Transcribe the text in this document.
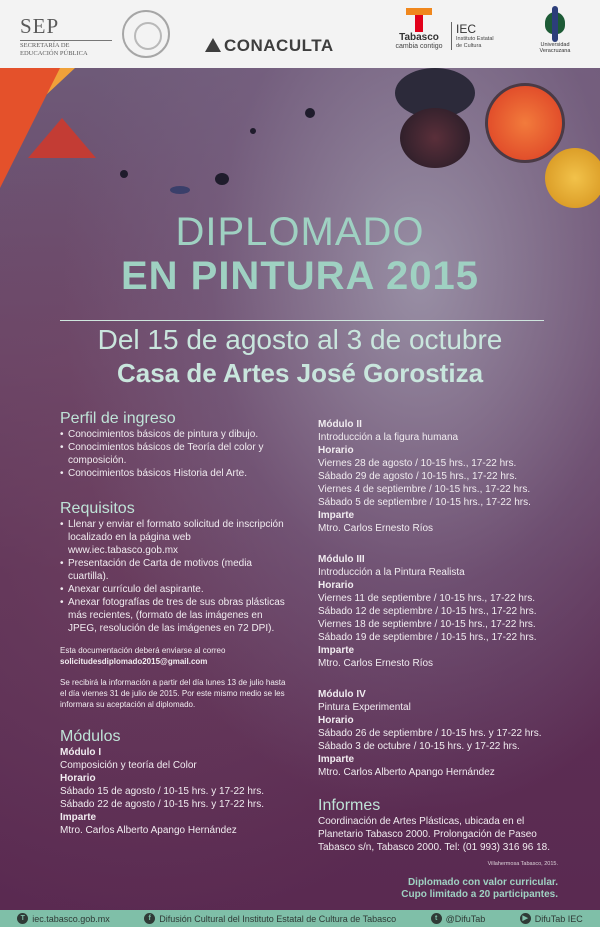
SEP
SECRETARÍA DE
EDUCACIÓN PÚBLICA	CONACULTA	Tabasco
cambia contigo
IEC
Instituto Estatal
de Cultura	Universidad Veracruzana
DIPLOMADO
EN PINTURA 2015
Del 15 de agosto al 3 de octubre
Casa de Artes José Gorostiza
Perfil de ingreso
• Conocimientos básicos de pintura y dibujo.
• Conocimientos básicos de Teoría del color y composición.
• Conocimientos básicos Historia del Arte.
Requisitos
• Llenar y enviar el formato solicitud de inscripción localizado en la página web www.iec.tabasco.gob.mx
• Presentación de Carta de motivos (media cuartilla).
• Anexar currículo del aspirante.
• Anexar fotografías de tres de sus obras plásticas más recientes, (formato de las imágenes en JPEG, resolución de las imágenes en 72 DPI).
Esta documentación deberá enviarse al correo
solicitudesdiplomado2015@gmail.com
Se recibirá la información a partir del día lunes 13 de julio hasta el día viernes 31 de julio de 2015. Por este mismo medio se les informara su aceptación al diplomado.
Módulos
Módulo I
Composición y teoría del Color
Horario
Sábado 15 de agosto / 10-15 hrs. y 17-22 hrs.
Sábado 22 de agosto / 10-15 hrs. y 17-22 hrs.
Imparte
Mtro. Carlos Alberto Apango Hernández
Módulo II
Introducción a la figura humana
Horario
Viernes 28 de agosto / 10-15 hrs., 17-22 hrs.
Sábado 29 de agosto / 10-15 hrs., 17-22 hrs.
Viernes 4 de septiembre / 10-15 hrs., 17-22 hrs.
Sábado 5 de septiembre / 10-15 hrs., 17-22 hrs.
Imparte
Mtro. Carlos Ernesto Ríos
Módulo III
Introducción a la Pintura Realista
Horario
Viernes 11 de septiembre / 10-15 hrs., 17-22 hrs.
Sábado 12 de septiembre / 10-15 hrs., 17-22 hrs.
Viernes 18 de septiembre / 10-15 hrs., 17-22 hrs.
Sábado 19 de septiembre / 10-15 hrs., 17-22 hrs.
Imparte
Mtro. Carlos Ernesto Ríos
Módulo IV
Pintura Experimental
Horario
Sábado 26 de septiembre / 10-15 hrs. y 17-22 hrs.
Sábado 3 de octubre / 10-15 hrs. y 17-22 hrs.
Imparte
Mtro. Carlos Alberto Apango Hernández
Informes
Coordinación de Artes Plásticas, ubicada en el Planetario Tabasco 2000. Prolongación de Paseo Tabasco s/n, Tabasco 2000. Tel: (01 993) 316 96 18.
Villahermosa Tabasco, 2015.
Diplomado con valor curricular.
Cupo limitado a 20 participantes.
T iec.tabasco.gob.mx	f Difusión Cultural del Instituto Estatal de Cultura de Tabasco	t @DifuTab	▶ DifuTab IEC
